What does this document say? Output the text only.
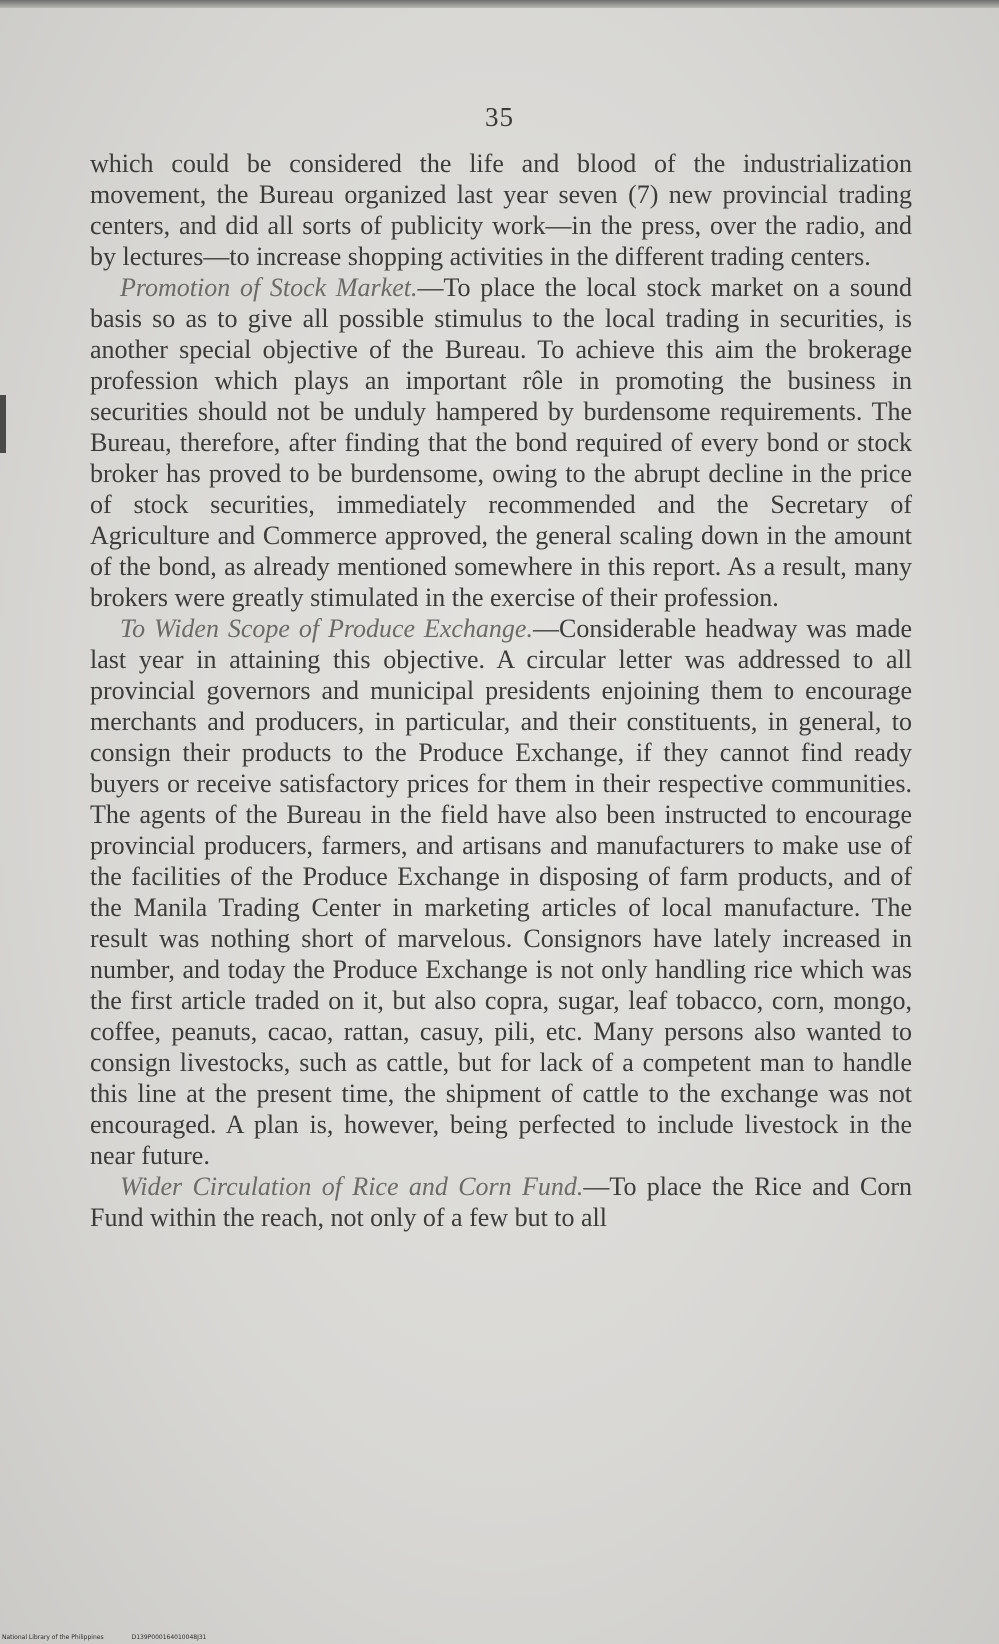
35

which could be considered the life and blood of the industrialization movement, the Bureau organized last year seven (7) new provincial trading centers, and did all sorts of publicity work—in the press, over the radio, and by lectures—to increase shopping activities in the different trading centers.

Promotion of Stock Market.—To place the local stock market on a sound basis so as to give all possible stimulus to the local trading in securities, is another special objective of the Bureau. To achieve this aim the brokerage profession which plays an important rôle in promoting the business in securities should not be unduly hampered by burdensome requirements. The Bureau, therefore, after finding that the bond required of every bond or stock broker has proved to be burdensome, owing to the abrupt decline in the price of stock securities, immediately recommended and the Secretary of Agriculture and Commerce approved, the general scaling down in the amount of the bond, as already mentioned somewhere in this report. As a result, many brokers were greatly stimulated in the exercise of their profession.

To Widen Scope of Produce Exchange.—Considerable headway was made last year in attaining this objective. A circular letter was addressed to all provincial governors and municipal presidents enjoining them to encourage merchants and producers, in particular, and their constituents, in general, to consign their products to the Produce Exchange, if they cannot find ready buyers or receive satisfactory prices for them in their respective communities. The agents of the Bureau in the field have also been instructed to encourage provincial producers, farmers, and artisans and manufacturers to make use of the facilities of the Produce Exchange in disposing of farm products, and of the Manila Trading Center in marketing articles of local manufacture. The result was nothing short of marvelous. Consignors have lately increased in number, and today the Produce Exchange is not only handling rice which was the first article traded on it, but also copra, sugar, leaf tobacco, corn, mongo, coffee, peanuts, cacao, rattan, casuy, pili, etc. Many persons also wanted to consign livestocks, such as cattle, but for lack of a competent man to handle this line at the present time, the shipment of cattle to the exchange was not encouraged. A plan is, however, being perfected to include livestock in the near future.

Wider Circulation of Rice and Corn Fund.—To place the Rice and Corn Fund within the reach, not only of a few but to all

National Library of the Philippines	D139P000164010048J31
